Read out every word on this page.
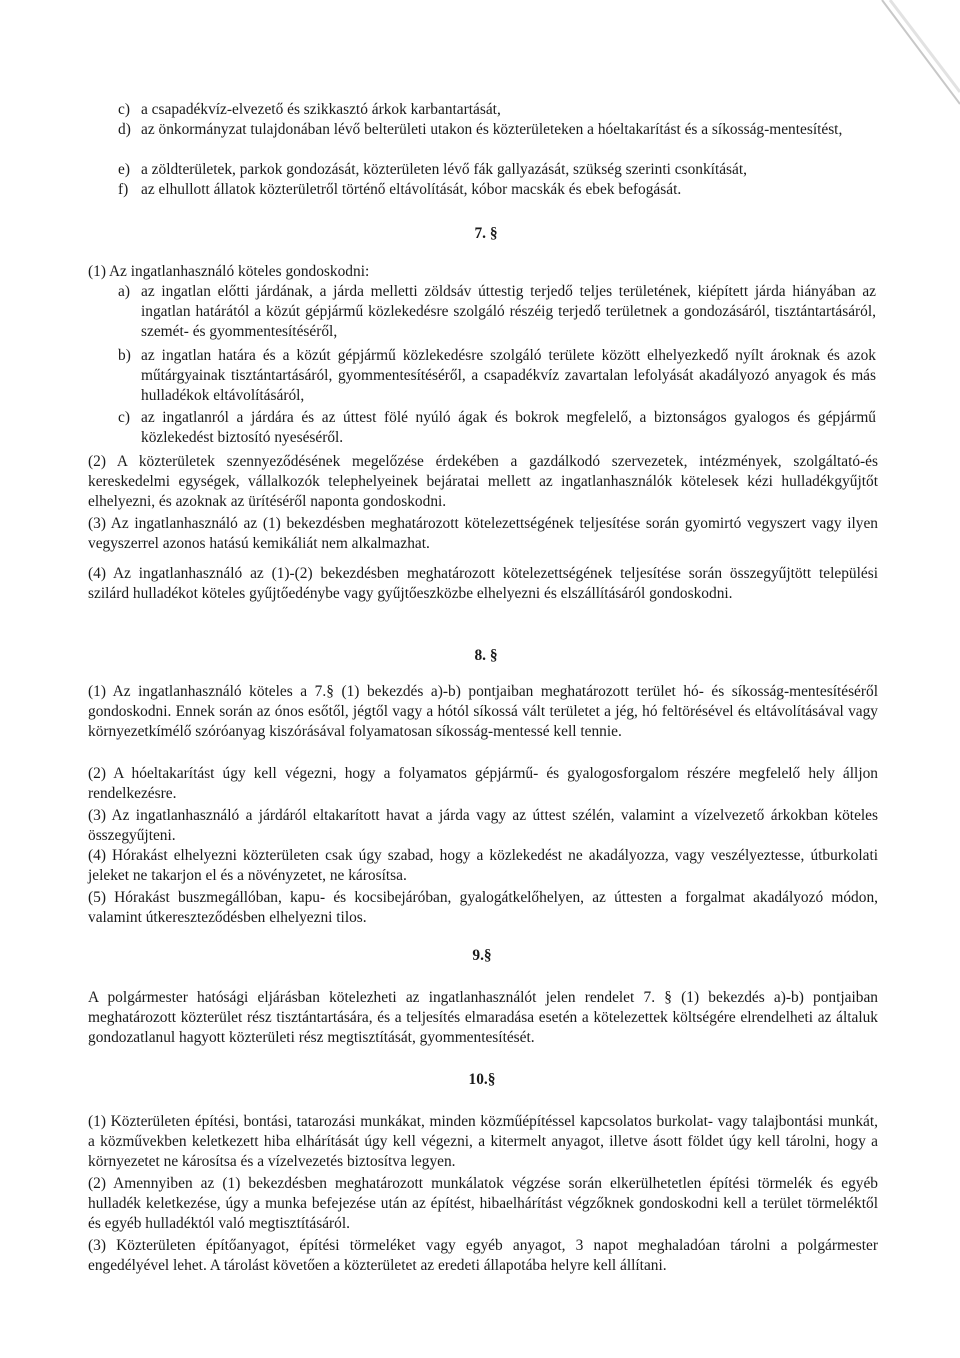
c) a csapadékvíz-elvezető és szikkasztó árkok karbantartását,
d) az önkormányzat tulajdonában lévő belterületi utakon és közterületeken a hóeltakarítást és a síkosság-mentesítést,
e) a zöldterületek, parkok gondozását, közterületen lévő fák gallyazását, szükség szerinti csonkítását,
f) az elhullott állatok közterületről történő eltávolítását, kóbor macskák és ebek befogását.
7. §
(1) Az ingatlanhasználó köteles gondoskodni:
a) az ingatlan előtti járdának, a járda melletti zöldsáv úttestig terjedő teljes területének, kiépített járda hiányában az ingatlan határától a közút gépjármű közlekedésre szolgáló részéig terjedő területnek a gondozásáról, tisztántartásáról, szemét- és gyommentesítéséről,
b) az ingatlan határa és a közút gépjármű közlekedésre szolgáló területe között elhelyezkedő nyílt ároknak és azok műtárgyainak tisztántartásáról, gyommentesítéséről, a csapadékvíz zavartalan lefolyását akadályozó anyagok és más hulladékok eltávolításáról,
c) az ingatlanról a járdára és az úttest fölé nyúló ágak és bokrok megfelelő, a biztonságos gyalogos és gépjármű közlekedést biztosító nyeséséről.
(2) A közterületek szennyeződésének megelőzése érdekében a gazdálkodó szervezetek, intézmények, szolgáltató-és kereskedelmi egységek, vállalkozók telephelyeinek bejáratai mellett az ingatlanhasználók kötelesek kézi hulladékgyűjtőt elhelyezni, és azoknak az ürítéséről naponta gondoskodni.
(3) Az ingatlanhasználó az (1) bekezdésben meghatározott kötelezettségének teljesítése során gyomirtó vegyszert vagy ilyen vegyszerrel azonos hatású kemikáliát nem alkalmazhat.
(4) Az ingatlanhasználó az (1)-(2) bekezdésben meghatározott kötelezettségének teljesítése során összegyűjtött települési szilárd hulladékot köteles gyűjtőedénybe vagy gyűjtőeszközbe elhelyezni és elszállításáról gondoskodni.
8. §
(1) Az ingatlanhasználó köteles a 7.§ (1) bekezdés a)-b) pontjaiban meghatározott terület hó- és síkosság-mentesítéséről gondoskodni. Ennek során az ónos esőtől, jégtől vagy a hótól síkossá vált területet a jég, hó feltörésével és eltávolításával vagy környezetkímélő szóróanyag kiszórásával folyamatosan síkosság-mentessé kell tennie.
(2) A hóeltakarítást úgy kell végezni, hogy a folyamatos gépjármű- és gyalogosforgalom részére megfelelő hely álljon rendelkezésre.
(3) Az ingatlanhasználó a járdáról eltakarított havat a járda vagy az úttest szélén, valamint a vízelvezető árkokban köteles összegyűjteni.
(4) Hórakást elhelyezni közterületen csak úgy szabad, hogy a közlekedést ne akadályozza, vagy veszélyeztesse, útburkolati jeleket ne takarjon el és a növényzetet, ne károsítsa.
(5) Hórakást buszmegállóban, kapu- és kocsibejáróban, gyalogátkelőhelyen, az úttesten a forgalmat akadályozó módon, valamint útkereszteződésben elhelyezni tilos.
9.§
A polgármester hatósági eljárásban kötelezheti az ingatlanhasználót jelen rendelet 7. § (1) bekezdés a)-b) pontjaiban meghatározott közterület rész tisztántartására, és a teljesítés elmaradása esetén a kötelezettek költségére elrendelheti az általuk gondozatlanul hagyott közterületi rész megtisztítását, gyommentesítését.
10.§
(1) Közterületen építési, bontási, tatarozási munkákat, minden közműépítéssel kapcsolatos burkolat- vagy talajbontási munkát, a közművekben keletkezett hiba elhárítását úgy kell végezni, a kitermelt anyagot, illetve ásott földet úgy kell tárolni, hogy a környezetet ne károsítsa és a vízelvezetés biztosítva legyen.
(2) Amennyiben az (1) bekezdésben meghatározott munkálatok végzése során elkerülhetetlen építési törmelék és egyéb hulladék keletkezése, úgy a munka befejezése után az építést, hibaelhárítást végzőknek gondoskodni kell a terület törmeléktől és egyéb hulladéktól való megtisztításáról.
(3) Közterületen építőanyagot, építési törmeléket vagy egyéb anyagot, 3 napot meghaladóan tárolni a polgármester engedélyével lehet. A tárolást követően a közterületet az eredeti állapotába helyre kell állítani.
